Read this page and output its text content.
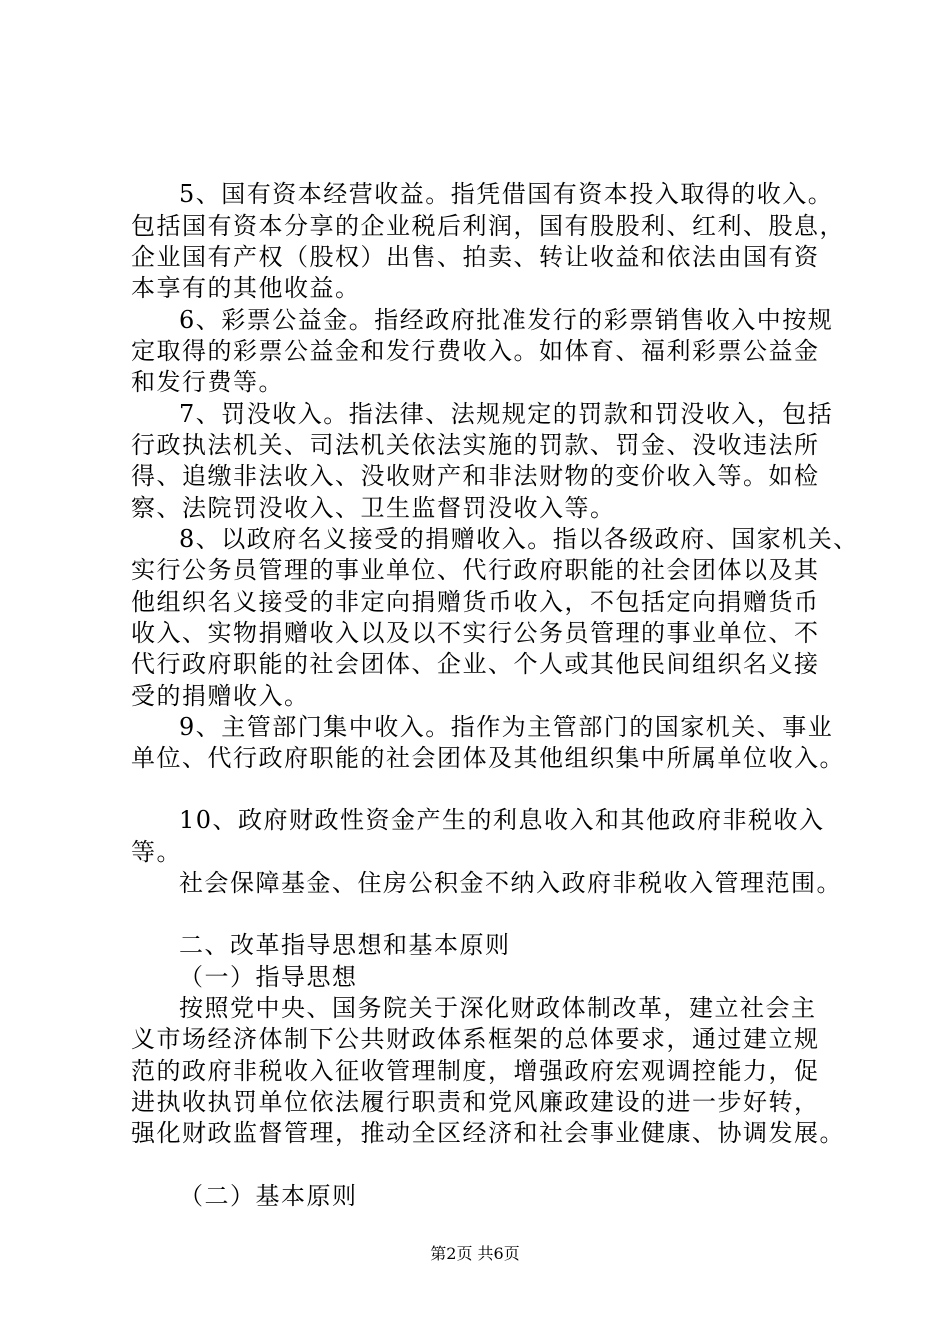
5、国有资本经营收益。指凭借国有资本投入取得的收入。
包括国有资本分享的企业税后利润，国有股股利、红利、股息，
企业国有产权（股权）出售、拍卖、转让收益和依法由国有资
本享有的其他收益。
6、彩票公益金。指经政府批准发行的彩票销售收入中按规
定取得的彩票公益金和发行费收入。如体育、福利彩票公益金
和发行费等。
7、罚没收入。指法律、法规规定的罚款和罚没收入，包括
行政执法机关、司法机关依法实施的罚款、罚金、没收违法所
得、追缴非法收入、没收财产和非法财物的变价收入等。如检
察、法院罚没收入、卫生监督罚没收入等。
8、以政府名义接受的捐赠收入。指以各级政府、国家机关、
实行公务员管理的事业单位、代行政府职能的社会团体以及其
他组织名义接受的非定向捐赠货币收入，不包括定向捐赠货币
收入、实物捐赠收入以及以不实行公务员管理的事业单位、不
代行政府职能的社会团体、企业、个人或其他民间组织名义接
受的捐赠收入。
9、主管部门集中收入。指作为主管部门的国家机关、事业
单位、代行政府职能的社会团体及其他组织集中所属单位收入。
10、政府财政性资金产生的利息收入和其他政府非税收入
等。
社会保障基金、住房公积金不纳入政府非税收入管理范围。
二、改革指导思想和基本原则
（一）指导思想
按照党中央、国务院关于深化财政体制改革，建立社会主
义市场经济体制下公共财政体系框架的总体要求，通过建立规
范的政府非税收入征收管理制度，增强政府宏观调控能力，促
进执收执罚单位依法履行职责和党风廉政建设的进一步好转，
强化财政监督管理，推动全区经济和社会事业健康、协调发展。
（二）基本原则
第2页 共6页
